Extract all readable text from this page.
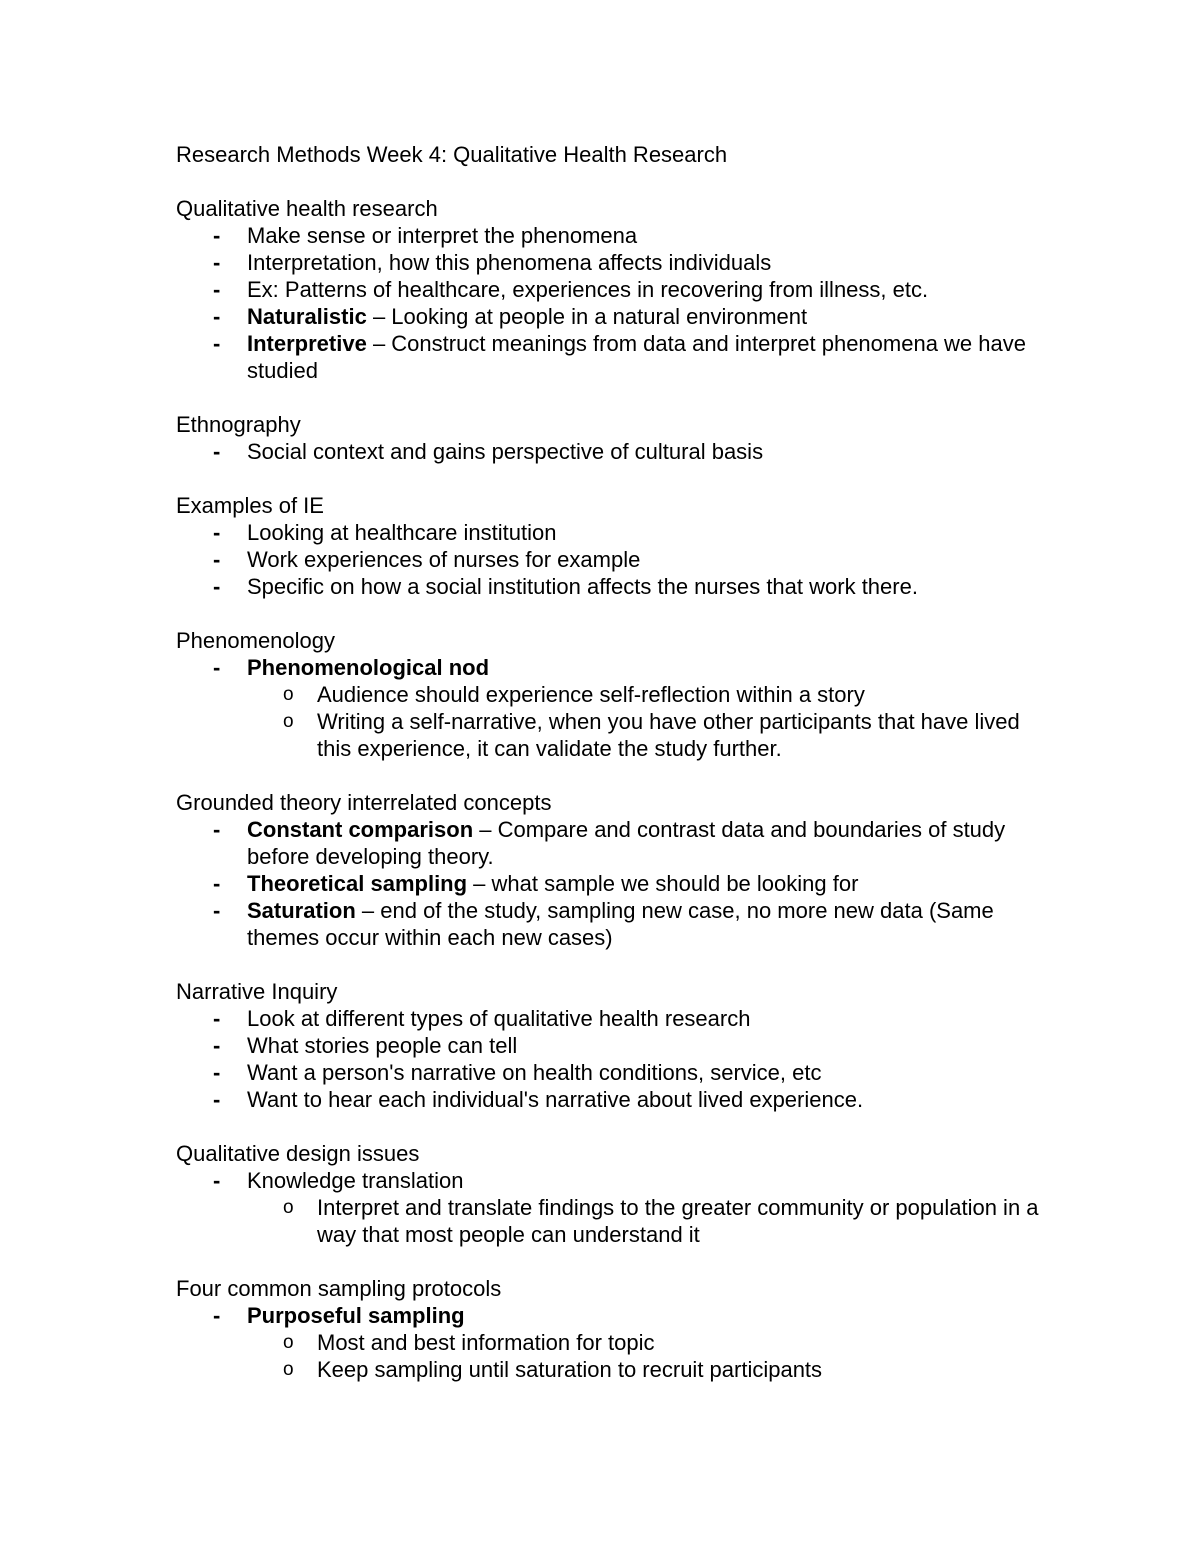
Research Methods Week 4: Qualitative Health Research
Qualitative health research
- Make sense or interpret the phenomena
- Interpretation, how this phenomena affects individuals
- Ex: Patterns of healthcare, experiences in recovering from illness, etc.
- Naturalistic – Looking at people in a natural environment
- Interpretive – Construct meanings from data and interpret phenomena we have studied
Ethnography
- Social context and gains perspective of cultural basis
Examples of IE
- Looking at healthcare institution
- Work experiences of nurses for example
- Specific on how a social institution affects the nurses that work there.
Phenomenology
- Phenomenological nod
o Audience should experience self-reflection within a story
o Writing a self-narrative, when you have other participants that have lived this experience, it can validate the study further.
Grounded theory interrelated concepts
- Constant comparison – Compare and contrast data and boundaries of study before developing theory.
- Theoretical sampling – what sample we should be looking for
- Saturation – end of the study, sampling new case, no more new data (Same themes occur within each new cases)
Narrative Inquiry
- Look at different types of qualitative health research
- What stories people can tell
- Want a person's narrative on health conditions, service, etc
- Want to hear each individual's narrative about lived experience.
Qualitative design issues
- Knowledge translation
o Interpret and translate findings to the greater community or population in a way that most people can understand it
Four common sampling protocols
- Purposeful sampling
o Most and best information for topic
o Keep sampling until saturation to recruit participants
